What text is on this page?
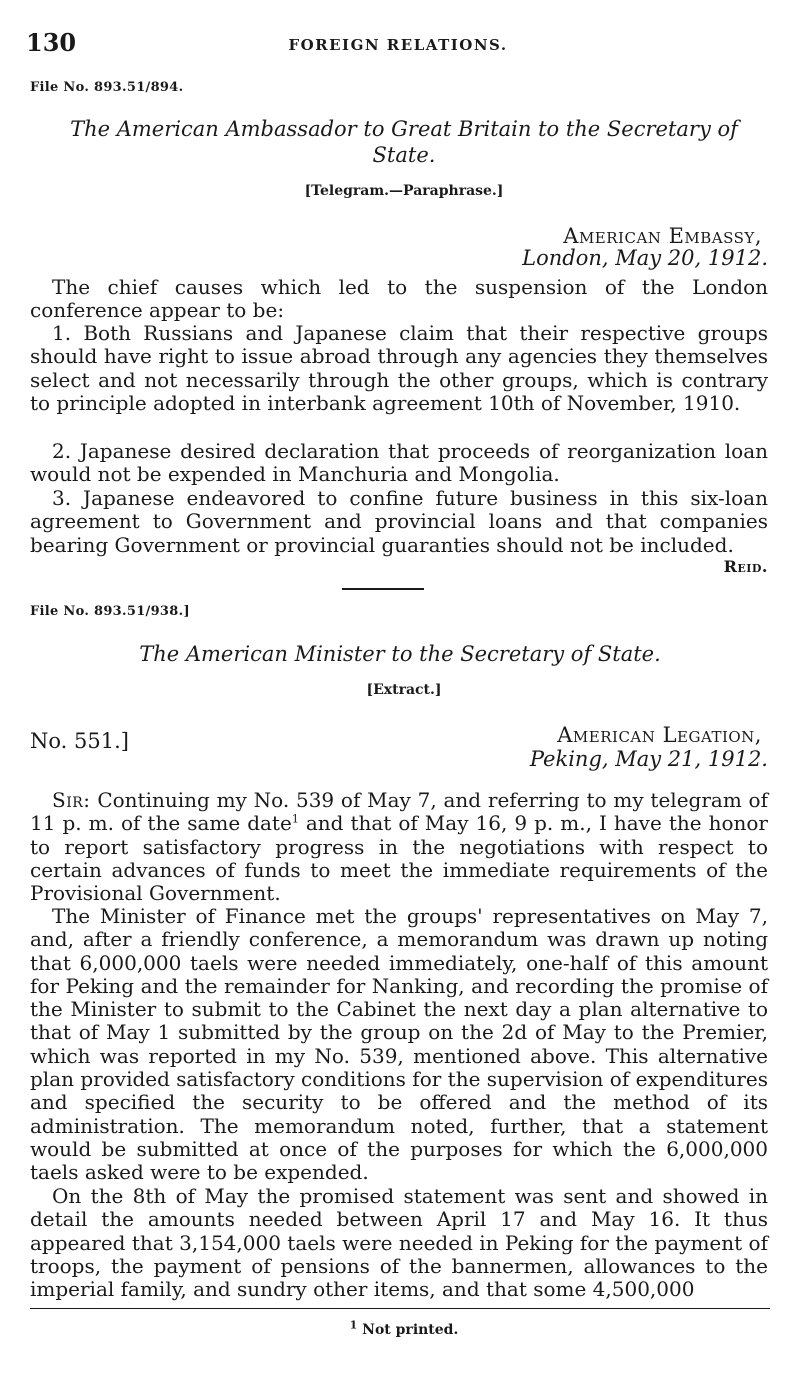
130	FOREIGN RELATIONS.
File No. 893.51/894.
The American Ambassador to Great Britain to the Secretary of State.
[Telegram.—Paraphrase.]
American Embassy,
London, May 20, 1912.

The chief causes which led to the suspension of the London conference appear to be:

1. Both Russians and Japanese claim that their respective groups should have right to issue abroad through any agencies they themselves select and not necessarily through the other groups, which is contrary to principle adopted in interbank agreement 10th of November, 1910.

2. Japanese desired declaration that proceeds of reorganization loan would not be expended in Manchuria and Mongolia.

3. Japanese endeavored to confine future business in this six-loan agreement to Government and provincial loans and that companies bearing Government or provincial guaranties should not be included.

Reid.
File No. 893.51/938.]
The American Minister to the Secretary of State.
[Extract.]
No. 551.]	American Legation,
Peking, May 21, 1912.

Sir: Continuing my No. 539 of May 7, and referring to my telegram of 11 p. m. of the same date$^1$ and that of May 16, 9 p. m., I have the honor to report satisfactory progress in the negotiations with respect to certain advances of funds to meet the immediate requirements of the Provisional Government.

The Minister of Finance met the groups' representatives on May 7, and, after a friendly conference, a memorandum was drawn up noting that 6,000,000 taels were needed immediately, one-half of this amount for Peking and the remainder for Nanking, and recording the promise of the Minister to submit to the Cabinet the next day a plan alternative to that of May 1 submitted by the group on the 2d of May to the Premier, which was reported in my No. 539, mentioned above. This alternative plan provided satisfactory conditions for the supervision of expenditures and specified the security to be offered and the method of its administration. The memorandum noted, further, that a statement would be submitted at once of the purposes for which the 6,000,000 taels asked were to be expended.

On the 8th of May the promised statement was sent and showed in detail the amounts needed between April 17 and May 16. It thus appeared that 3,154,000 taels were needed in Peking for the payment of troops, the payment of pensions of the bannermen, allowances to the imperial family, and sundry other items, and that some 4,500,000

$^1$ Not printed.
